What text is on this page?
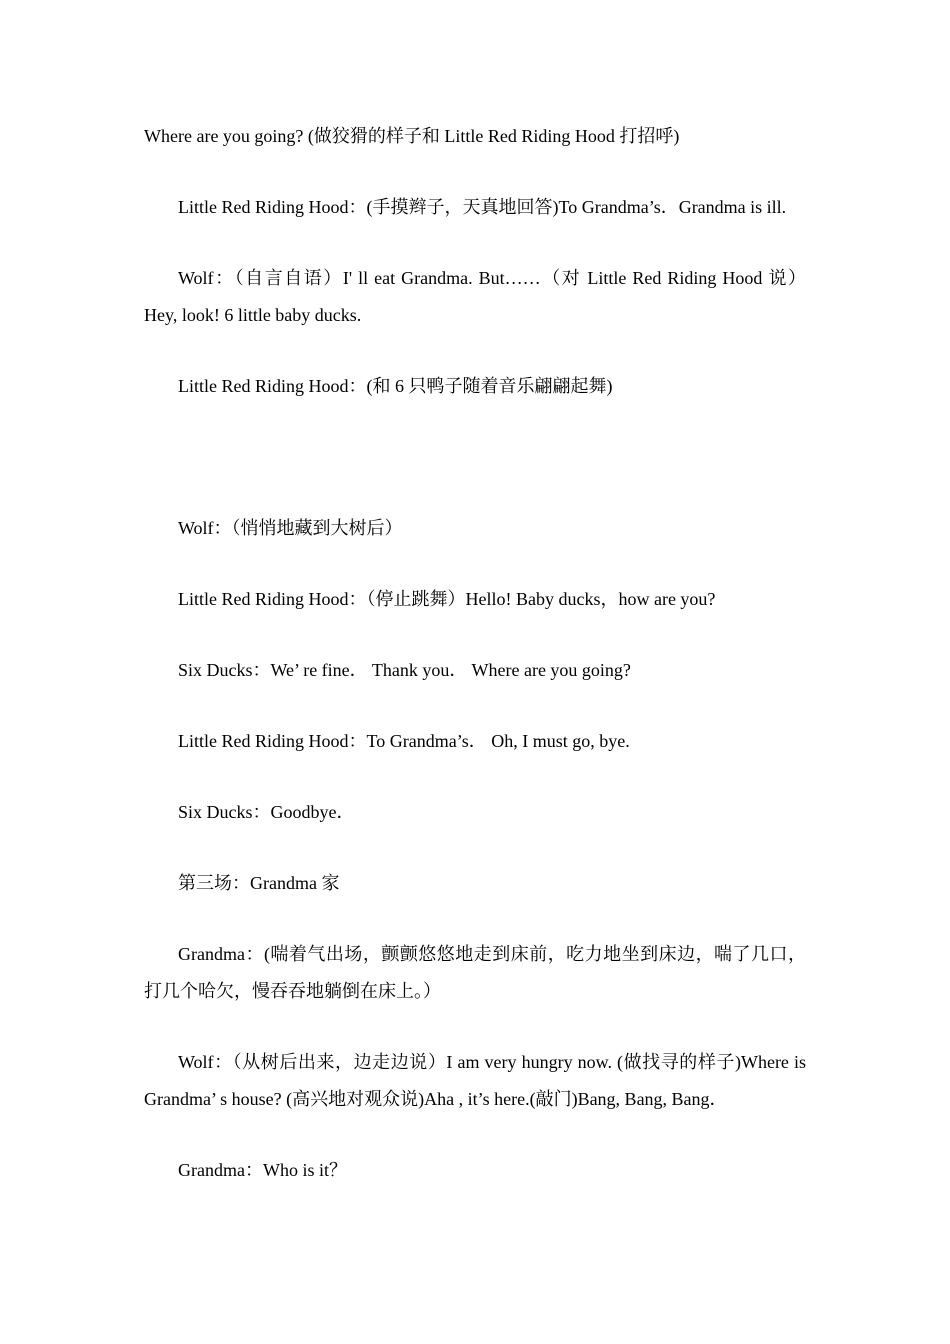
Where are you going? (做狡猾的样子和 Little Red Riding Hood 打招呼)

Little Red Riding Hood：(手摸辫子，天真地回答)To Grandma’s．Grandma is ill.

Wolf：（自言自语）I' ll eat Grandma. But……（对 Little Red Riding Hood 说）Hey, look! 6 little baby ducks.

Little Red Riding Hood：(和 6 只鸭子随着音乐翩翩起舞)

Wolf：（悄悄地藏到大树后）

Little Red Riding Hood：（停止跳舞）Hello! Baby ducks，how are you?

Six Ducks：We’ re fine． Thank you． Where are you going?

Little Red Riding Hood：To Grandma’s． Oh, I must go, bye.

Six Ducks：Goodbye．

第三场：Grandma 家

Grandma：(喘着气出场，颤颤悠悠地走到床前，吃力地坐到床边，喘了几口，打几个哈欠，慢吞吞地躺倒在床上。）

Wolf：（从树后出来，边走边说）I am very hungry now. (做找寻的样子)Where is Grandma’ s house? (高兴地对观众说)Aha , it’s here.(敲门)Bang, Bang, Bang．

Grandma：Who is it？
